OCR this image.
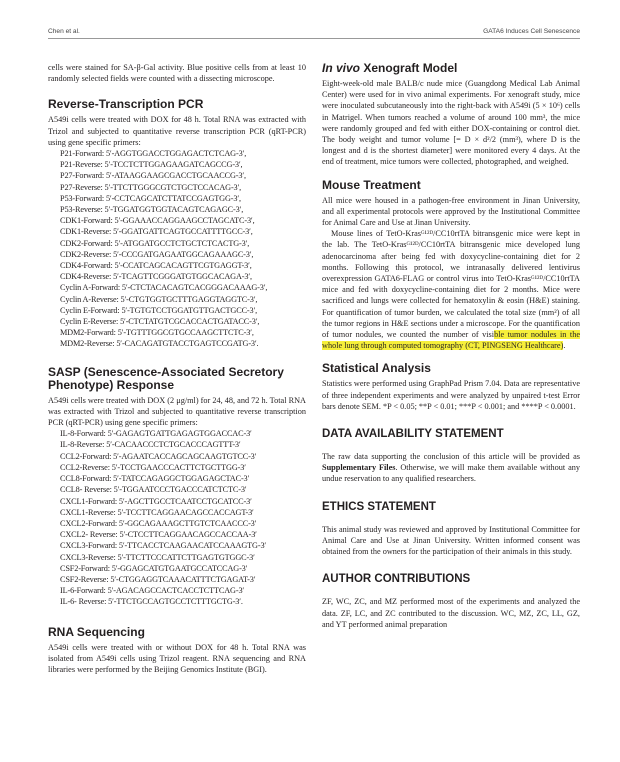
Chen et al.	GATA6 Induces Cell Senescence

cells were stained for SA-β-Gal activity. Blue positive cells from at least 10 randomly selected fields were counted with a dissecting microscope.

Reverse-Transcription PCR

A549i cells were treated with DOX for 48 h. Total RNA was extracted with Trizol and subjected to quantitative reverse transcription PCR (qRT-PCR) using gene specific primers:

P21-Forward: 5′-AGGTGGACCTGGAGACTCTCAG-3′,
P21-Reverse: 5′-TCCTCTTGGAGAAGATCAGCCG-3′,
P27-Forward: 5′-ATAAGGAAGCGACCTGCAACCG-3′,
P27-Reverse: 5′-TTCTTGGGCGTCTGCTCCACAG-3′,
P53-Forward: 5′-CCTCAGCATCTTATCCGAGTGG-3′,
P53-Reverse: 5′-TGGATGGTGGTACAGTCAGAGC-3′,
CDK1-Forward: 5′-GGAAACCAGGAAGCCTAGCATC-3′,
CDK1-Reverse: 5′-GGATGATTCAGTGCCATTTTGCC-3′,
CDK2-Forward: 5′-ATGGATGCCTCTGCTCTCACTG-3′,
CDK2-Reverse: 5′-CCCGATGAGAATGGCAGAAAGC-3′,
CDK4-Forward: 5′-CCATCAGCACAGTTCGTGAGGT-3′,
CDK4-Reverse: 5′-TCAGTTCGGGATGTGGCACAGA-3′,
Cyclin A-Forward: 5′-CTCTACACAGTCACGGGACAAAG-3′,
Cyclin A-Reverse: 5′-CTGTGGTGCTTTGAGGTAGGTC-3′,
Cyclin E-Forward: 5′-TGTGTCCTGGATGTTGACTGCC-3′,
Cyclin E-Reverse: 5′-CTCTATGTCGCACCACTGATACC-3′,
MDM2-Forward: 5′-TGTTTGGCGTGCCAAGCTTCTC-3′,
MDM2-Reverse: 5′-CACAGATGTACCTGAGTCCGATG-3′.
SASP (Senescence-Associated Secretory Phenotype) Response

A549i cells were treated with DOX (2 μg/ml) for 24, 48, and 72 h. Total RNA was extracted with Trizol and subjected to quantitative reverse transcription PCR (qRT-PCR) using gene specific primers:

IL-8-Forward: 5′-GAGAGTGATTGAGAGTGGACCAC-3′
IL-8-Reverse: 5′-CACAACCCTCTGCACCCAGTTT-3′
CCL2-Forward: 5′-AGAATCACCAGCAGCAAGTGTCC-3′
CCL2-Reverse: 5′-TCCTGAACCCACTTCTGCTTGG-3′
CCL8-Forward: 5′-TATCCAGAGGCTGGAGAGCTAC-3′
CCL8- Reverse: 5′-TGGAATCCCTGACCCATCTCTC-3′
CXCL1-Forward: 5′-AGCTTGCCTCAATCCTGCATCC-3′
CXCL1-Reverse: 5′-TCCTTCAGGAACAGCCACCAGT-3′
CXCL2-Forward: 5′-GGCAGAAAGCTTGTCTCAACCC-3′
CXCL2- Reverse: 5′-CTCCTTCAGGAACAGCCACCAA-3′
CXCL3-Forward: 5′-TTCACCTCAAGAACATCCAAAGTG-3′
CXCL3-Reverse: 5′-TTCTTCCCATTCTTGAGTGTGGC-3′
CSF2-Forward: 5′-GGAGCATGTGAATGCCATCCAG-3′
CSF2-Reverse: 5′-CTGGAGGTCAAACATTTCTGAGAT-3′
IL-6-Forward: 5′-AGACAGCCACTCACCTCTTCAG-3′
IL-6- Reverse: 5′-TTCTGCCAGTGCCTCTTTGCTG-3′.
RNA Sequencing

A549i cells were treated with or without DOX for 48 h. Total RNA was isolated from A549i cells using Trizol reagent. RNA sequencing and RNA libraries were performed by the Beijing Genomics Institute (BGI).

In vivo Xenograft Model

Eight-week-old male BALB/c nude mice (Guangdong Medical Lab Animal Center) were used for in vivo animal experiments. For xenograft study, mice were inoculated subcutaneously into the right-back with A549i (5 × 10⁶) cells in Matrigel. When tumors reached a volume of around 100 mm³, the mice were randomly grouped and fed with either DOX-containing or control diet. The body weight and tumor volume [= D × d²/2 (mm³), where D is the longest and d is the shortest diameter] were monitored every 4 days. At the end of treatment, mice tumors were collected, photographed, and weighed.

Mouse Treatment

All mice were housed in a pathogen-free environment in Jinan University, and all experimental protocols were approved by the Institutional Committee for Animal Care and Use at Jinan University.

Mouse lines of TetO-Krasᴳ¹²ᴰ/CC10rtTA bitransgenic mice were kept in the lab. The TetO-Krasᴳ¹²ᴰ/CC10rtTA bitransgenic mice developed lung adenocarcinoma after being fed with doxycycline-containing diet for 2 months. Following this protocol, we intranasally delivered lentivirus overexpression GATA6-FLAG or control virus into TetO-Krasᴳ¹²ᴰ/CC10rtTA mice and fed with doxycycline-containing diet for 2 months. Mice were sacrificed and lungs were collected for hematoxylin & eosin (H&E) staining. For quantification of tumor burden, we calculated the total size (mm²) of all the tumor regions in H&E sections under a microscope. For the quantification of tumor nodules, we counted the number of visible tumor nodules in the whole lung through computed tomography (CT, PINGSENG Healthcare).

Statistical Analysis

Statistics were performed using GraphPad Prism 7.04. Data are representative of three independent experiments and were analyzed by unpaired t-test Error bars denote SEM. *P < 0.05; **P < 0.01; ***P < 0.001; and ****P < 0.0001.

DATA AVAILABILITY STATEMENT

The raw data supporting the conclusion of this article will be provided as Supplementary Files. Otherwise, we will make them available without any undue reservation to any qualified researchers.

ETHICS STATEMENT

This animal study was reviewed and approved by Institutional Committee for Animal Care and Use at Jinan University. Written informed consent was obtained from the owners for the participation of their animals in this study.

AUTHOR CONTRIBUTIONS

ZF, WC, ZC, and MZ performed most of the experiments and analyzed the data. ZF, LC, and ZC contributed to the discussion. WC, MZ, ZC, LL, GZ, and YT performed animal preparation
